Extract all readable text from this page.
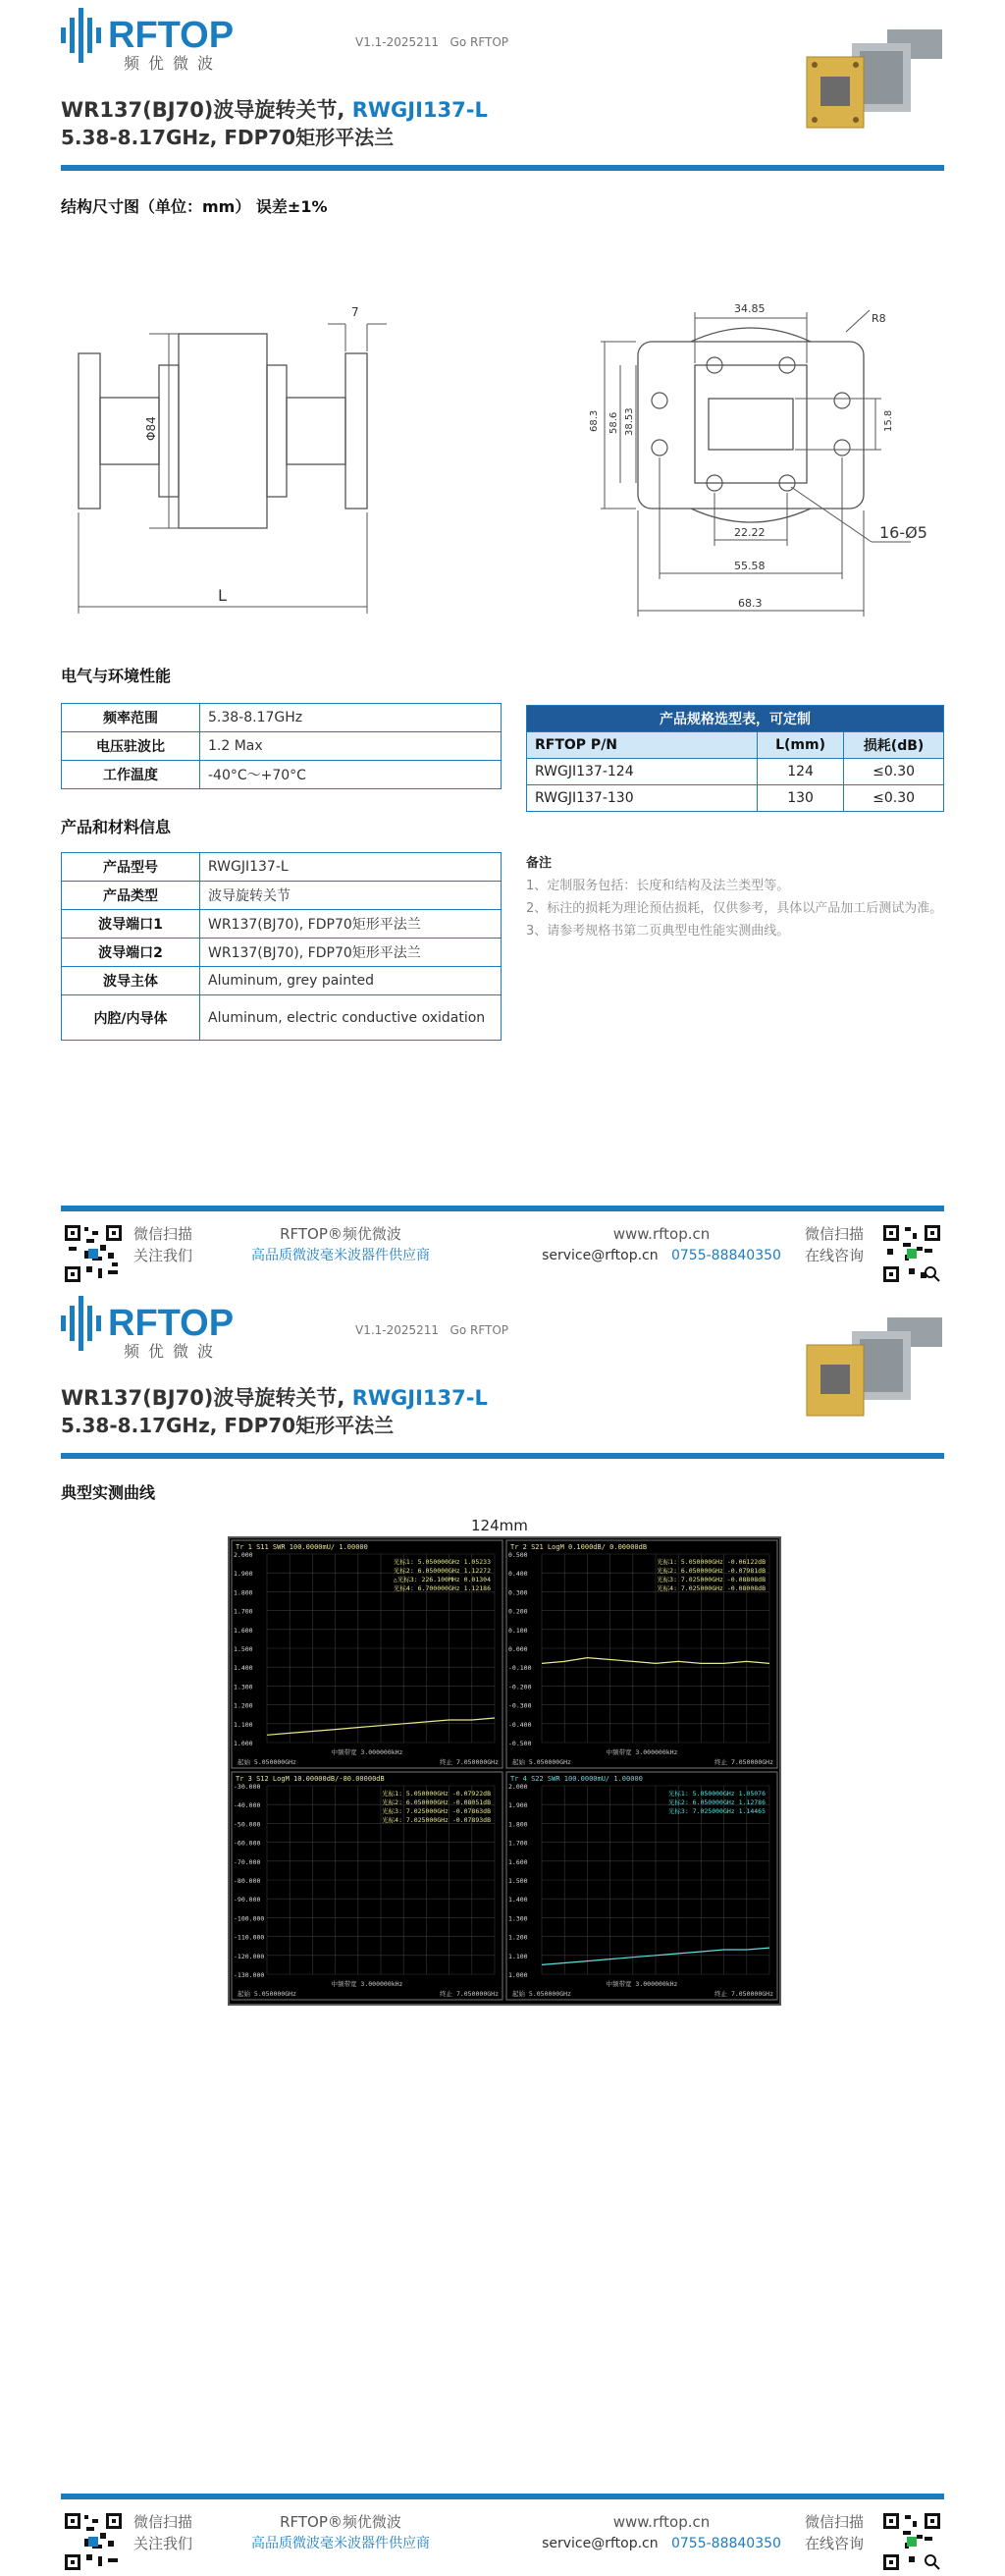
RFTOP
频优微波
V1.1-2025211 Go RFTOP
WR137(BJ70)波导旋转关节, RWGJI137-L
5.38-8.17GHz, FDP70矩形平法兰
结构尺寸图（单位：mm） 误差±1%
Φ84
7
L
34.85
R8
68.3 58.6 38.53	15.8
22.22
55.58
68.3
16-Ø5
电气与环境性能
频率范围	5.38-8.17GHz
电压驻波比	1.2 Max
工作温度	-40°C～+70°C
产品和材料信息
产品型号	RWGJI137-L
产品类型	波导旋转关节
波导端口1	WR137(BJ70), FDP70矩形平法兰
波导端口2	WR137(BJ70), FDP70矩形平法兰
波导主体	Aluminum, grey painted
内腔/内导体	Aluminum, electric conductive oxidation
产品规格选型表，可定制		
RFTOP P/N	L(mm)	损耗(dB)
RWGJI137-124	124	≤0.30
RWGJI137-130	130	≤0.30
备注
1、定制服务包括：长度和结构及法兰类型等。
2、标注的损耗为理论预估损耗，仅供参考，具体以产品加工后测试为准。
3、请参考规格书第二页典型电性能实测曲线。
微信扫描
关注我们
RFTOP®频优微波
高品质微波毫米波器件供应商
www.rftop.cn
service@rftop.cn 0755-88840350
微信扫描
在线咨询
RFTOP
频优微波
V1.1-2025211 Go RFTOP
WR137(BJ70)波导旋转关节, RWGJI137-L
5.38-8.17GHz, FDP70矩形平法兰
典型实测曲线
微信扫描
关注我们
RFTOP®频优微波
高品质微波毫米波器件供应商
www.rftop.cn
service@rftop.cn 0755-88840350
微信扫描
在线咨询
124mm
Tr 1 S11 SWR 100.0000mU/ 1.00000
2.000
1.900
1.800
1.700
1.600
1.500
1.400
1.300
1.200
1.100
1.000
光标1: 5.050000GHz 1.05233
光标2: 6.050000GHz 1.12272
△光标3: 226.100MHz 0.01304
光标4: 6.700000GHz 1.12186
中频带宽 3.000000kHz
起始 5.050000GHz	终止 7.050000GHz
Tr 2 S21 LogM 0.1000dB/ 0.00000dB
0.500
0.400
0.300
0.200
0.100
0.000
-0.100
-0.200
-0.300
-0.400
-0.500
光标1: 5.050000GHz -0.06122dB
光标2: 6.050000GHz -0.07981dB
光标3: 7.025000GHz -0.08808dB
光标4: 7.025000GHz -0.08008dB
中频带宽 3.000000kHz
起始 5.050000GHz	终止 7.050000GHz
Tr 3 S12 LogM 10.00000dB/-80.00000dB
-30.000
-40.000
-50.000
-60.000
-70.000
-80.000
-90.000
-100.000
-110.000
-120.000
-130.000
光标1: 5.050000GHz -0.07922dB
光标2: 6.050000GHz -0.08051dB
光标3: 7.025000GHz -0.07863dB
光标4: 7.025000GHz -0.07893dB
中频带宽 3.000000kHz
起始 5.050000GHz	终止 7.050000GHz
Tr 4 S22 SWR 100.0000mU/ 1.00000
2.000
1.900
1.800
1.700
1.600
1.500
1.400
1.300
1.200
1.100
1.000
光标1: 5.050000GHz 1.05076
光标2: 6.050000GHz 1.12786
光标3: 7.025000GHz 1.14465
中频带宽 3.000000kHz
起始 5.050000GHz	终止 7.050000GHz
